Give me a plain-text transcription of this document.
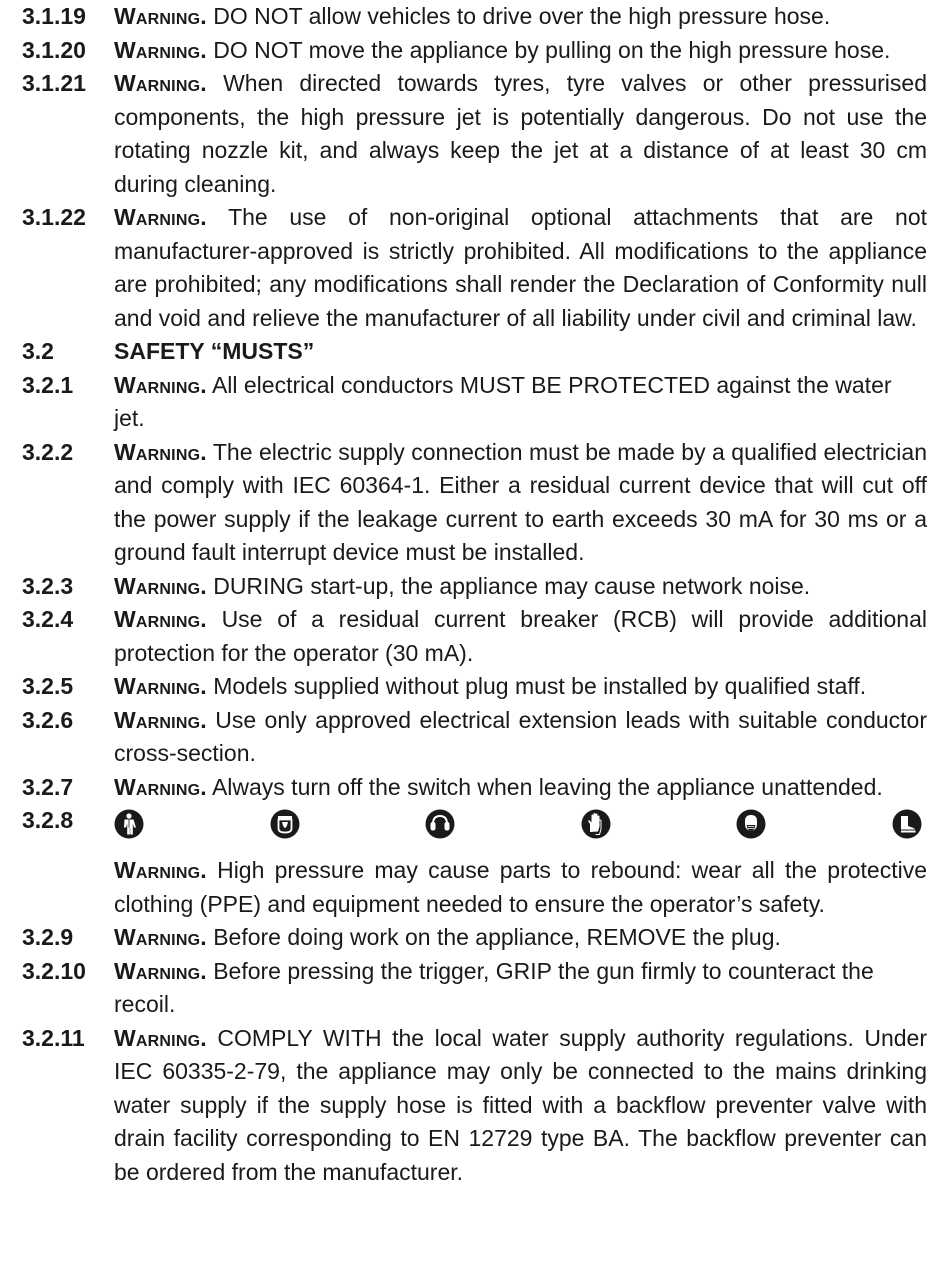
3.1.19 Warning. DO NOT allow vehicles to drive over the high pressure hose.

3.1.20 Warning. DO NOT move the appliance by pulling on the high pressure hose.

3.1.21 Warning. When directed towards tyres, tyre valves or other pressurised components, the high pressure jet is potentially dangerous. Do not use the rotating nozzle kit, and always keep the jet at a distance of at least 30 cm during cleaning.

3.1.22 Warning. The use of non-original optional attachments that are not manufacturer-approved is strictly prohibited. All modifications to the appliance are prohibited; any modifications shall render the Declaration of Conformity null and void and relieve the manufacturer of all liability under civil and criminal law.

3.2	SAFETY “MUSTS”

3.2.1 Warning. All electrical conductors MUST BE PROTECTED against the water jet.

3.2.2 Warning. The electric supply connection must be made by a qualified electrician and comply with IEC 60364-1. Either a residual current device that will cut off the power supply if the leakage current to earth exceeds 30 mA for 30 ms or a ground fault interrupt device must be installed.

3.2.3 Warning. DURING start-up, the appliance may cause network noise.

3.2.4 Warning. Use of a residual current breaker (RCB) will provide additional protection for the operator (30 mA).

3.2.5 Warning. Models supplied without plug must be installed by qualified staff.

3.2.6 Warning. Use only approved electrical extension leads with suitable conductor cross-section.

3.2.7 Warning. Always turn off the switch when leaving the appliance unattended.

3.2.8
Warning. High pressure may cause parts to rebound: wear all the protective clothing (PPE) and equipment needed to ensure the operator’s safety.

3.2.9 Warning. Before doing work on the appliance, REMOVE the plug.

3.2.10 Warning. Before pressing the trigger, GRIP the gun firmly to counteract the recoil.

3.2.11 Warning. COMPLY WITH the local water supply authority regulations. Under IEC 60335-2-79, the appliance may only be connected to the mains drinking water supply if the supply hose is fitted with a backflow preventer valve with drain facility corresponding to EN 12729 type BA. The backflow preventer can be ordered from the manufacturer.
